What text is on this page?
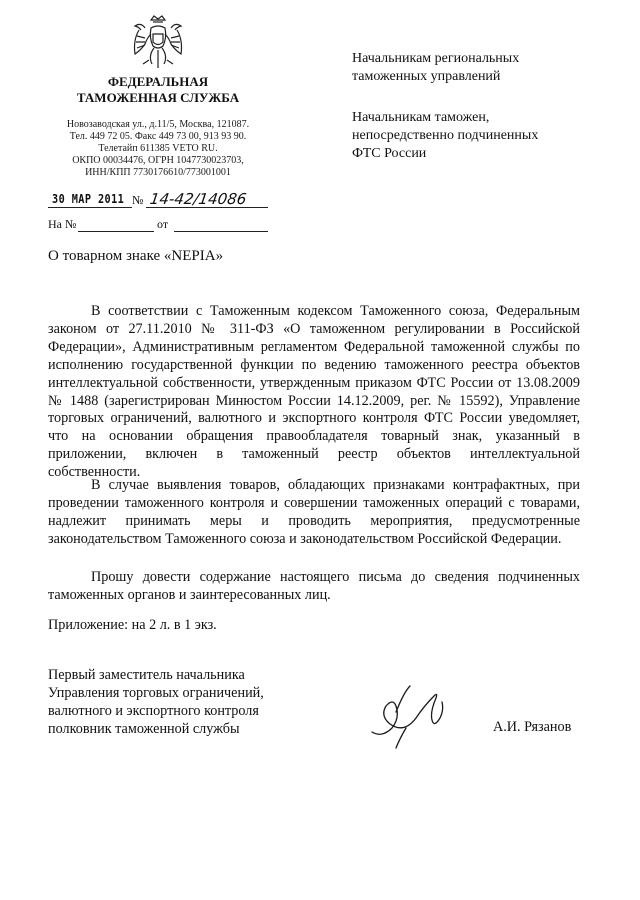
ФЕДЕРАЛЬНАЯ
ТАМОЖЕННАЯ СЛУЖБА
Новозаводская ул., д.11/5, Москва, 121087.
Тел. 449 72 05. Факс 449 73 00, 913 93 90.
Телетайп 611385 VETO RU.
ОКПО 00034476, ОГРН 1047730023703,
ИНН/КПП 7730176610/773001001
30 МАР 2011 № 14-42/14086
На №	от
Начальникам региональных
таможенных управлений
Начальникам таможен,
непосредственно подчиненных
ФТС России
О товарном знаке «NEPIA»

В соответствии с Таможенным кодексом Таможенного союза, Федеральным законом от 27.11.2010 № 311-ФЗ «О таможенном регулировании в Российской Федерации», Административным регламентом Федеральной таможенной службы по исполнению государственной функции по ведению таможенного реестра объектов интеллектуальной собственности, утвержденным приказом ФТС России от 13.08.2009 № 1488 (зарегистрирован Минюстом России 14.12.2009, рег. № 15592), Управление торговых ограничений, валютного и экспортного контроля ФТС России уведомляет, что на основании обращения правообладателя товарный знак, указанный в приложении, включен в таможенный реестр объектов интеллектуальной собственности.

В случае выявления товаров, обладающих признаками контрафактных, при проведении таможенного контроля и совершении таможенных операций с товарами, надлежит принимать меры и проводить мероприятия, предусмотренные законодательством Таможенного союза и законодательством Российской Федерации.

Прошу довести содержание настоящего письма до сведения подчиненных таможенных органов и заинтересованных лиц.

Приложение: на 2 л. в 1 экз.
Первый заместитель начальника
Управления торговых ограничений,
валютного и экспортного контроля
полковник таможенной службы	А.И. Рязанов
